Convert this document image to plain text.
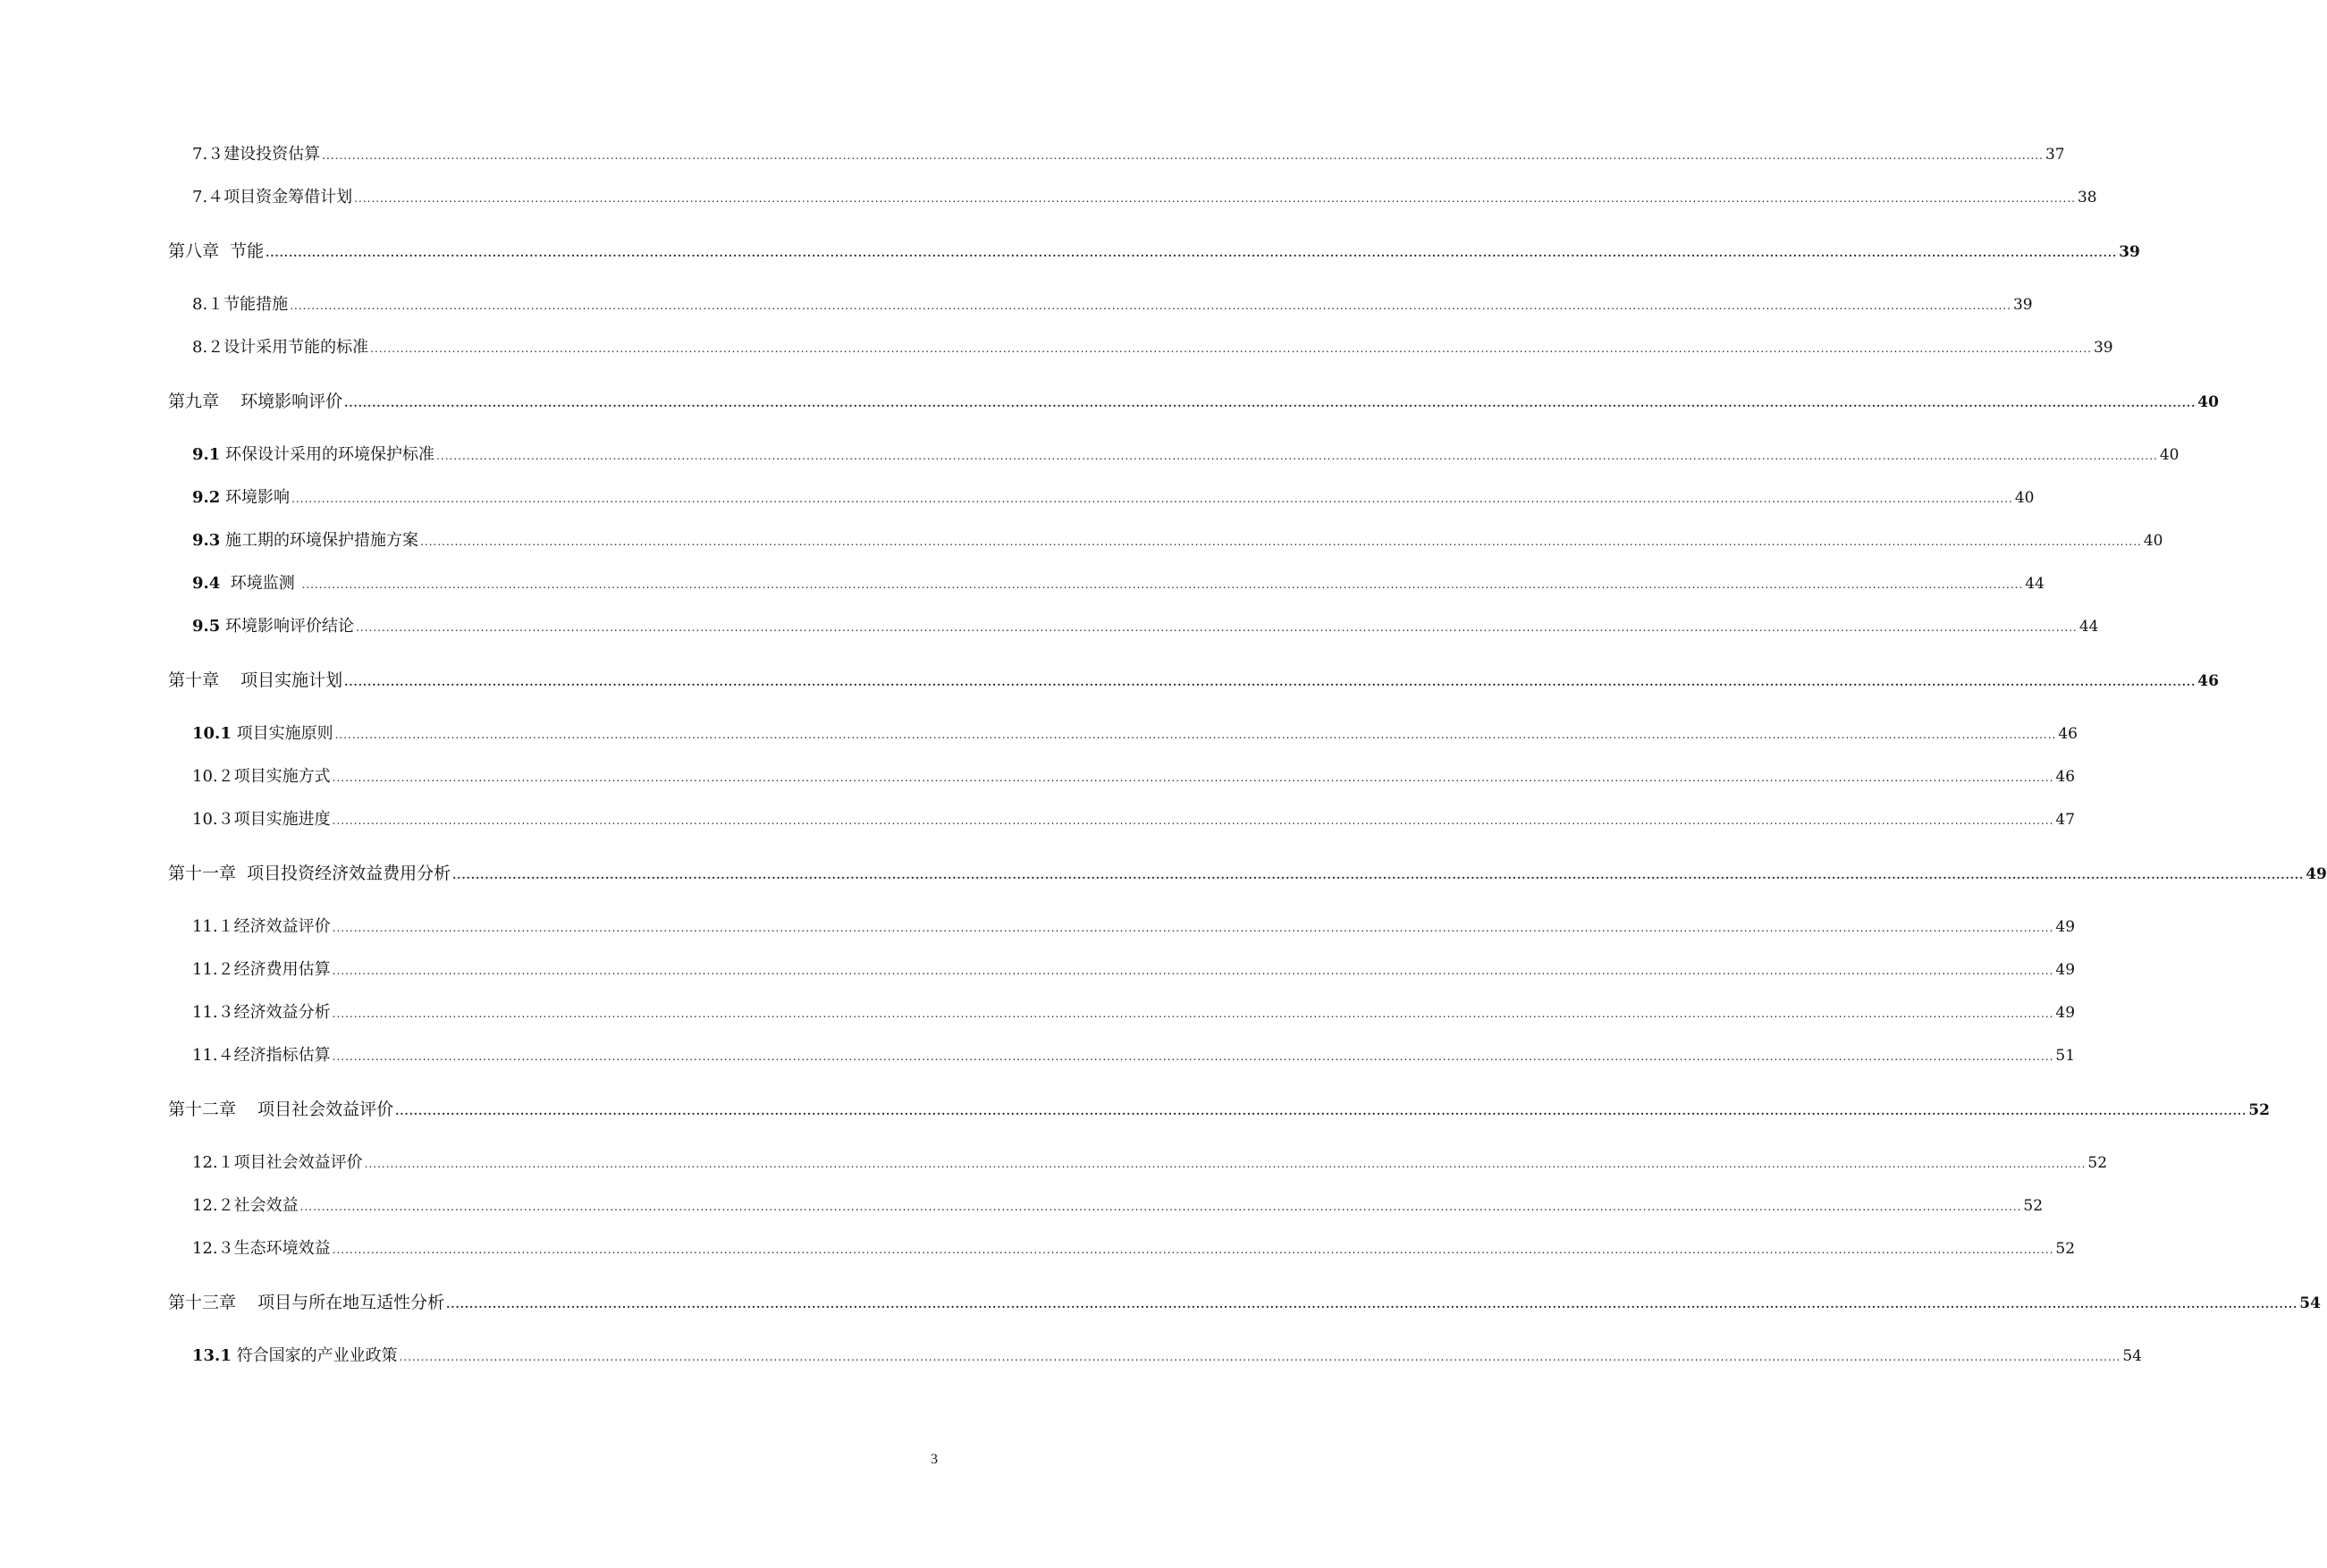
7.３ 建设投资估算 ................................................................................................................................................................................................................................................................................................................................................................................................................ 37
7.４ 项目资金筹借计划 ................................................................................................................................................................................................................................................................................................................................................................................................................ 38
第八章  节能 ................................................................................................................................................................................................................................................................................................................................................................................................................ 39
8.１ 节能措施 ................................................................................................................................................................................................................................................................................................................................................................................................................ 39
8.２ 设计采用节能的标准 ................................................................................................................................................................................................................................................................................................................................................................................................................ 39
第九章    环境影响评价 ................................................................................................................................................................................................................................................................................................................................................................................................................ 40
9.1 环保设计采用的环境保护标准 ................................................................................................................................................................................................................................................................................................................................................................................................................ 40
9.2 环境影响 ................................................................................................................................................................................................................................................................................................................................................................................................................ 40
9.3 施工期的环境保护措施方案 ................................................................................................................................................................................................................................................................................................................................................................................................................ 40
9.4 环境监测 ................................................................................................................................................................................................................................................................................................................................................................................................................ 44
9.5 环境影响评价结论 ................................................................................................................................................................................................................................................................................................................................................................................................................ 44
第十章    项目实施计划 ................................................................................................................................................................................................................................................................................................................................................................................................................ 46
10.1 项目实施原则 ................................................................................................................................................................................................................................................................................................................................................................................................................ 46
10.２ 项目实施方式 ................................................................................................................................................................................................................................................................................................................................................................................................................ 46
10.３ 项目实施进度 ................................................................................................................................................................................................................................................................................................................................................................................................................ 47
第十一章  项目投资经济效益费用分析 ................................................................................................................................................................................................................................................................................................................................................................................................................ 49
11.１ 经济效益评价 ................................................................................................................................................................................................................................................................................................................................................................................................................ 49
11.２ 经济费用估算 ................................................................................................................................................................................................................................................................................................................................................................................................................ 49
11.３ 经济效益分析 ................................................................................................................................................................................................................................................................................................................................................................................................................ 49
11.４ 经济指标估算 ................................................................................................................................................................................................................................................................................................................................................................................................................ 51
第十二章    项目社会效益评价 ................................................................................................................................................................................................................................................................................................................................................................................................................ 52
12.１ 项目社会效益评价 ................................................................................................................................................................................................................................................................................................................................................................................................................ 52
12.２ 社会效益 ................................................................................................................................................................................................................................................................................................................................................................................................................ 52
12.３ 生态环境效益 ................................................................................................................................................................................................................................................................................................................................................................................................................ 52
第十三章    项目与所在地互适性分析 ................................................................................................................................................................................................................................................................................................................................................................................................................ 54
13.1 符合国家的产业业政策 ................................................................................................................................................................................................................................................................................................................................................................................................................ 54
3
